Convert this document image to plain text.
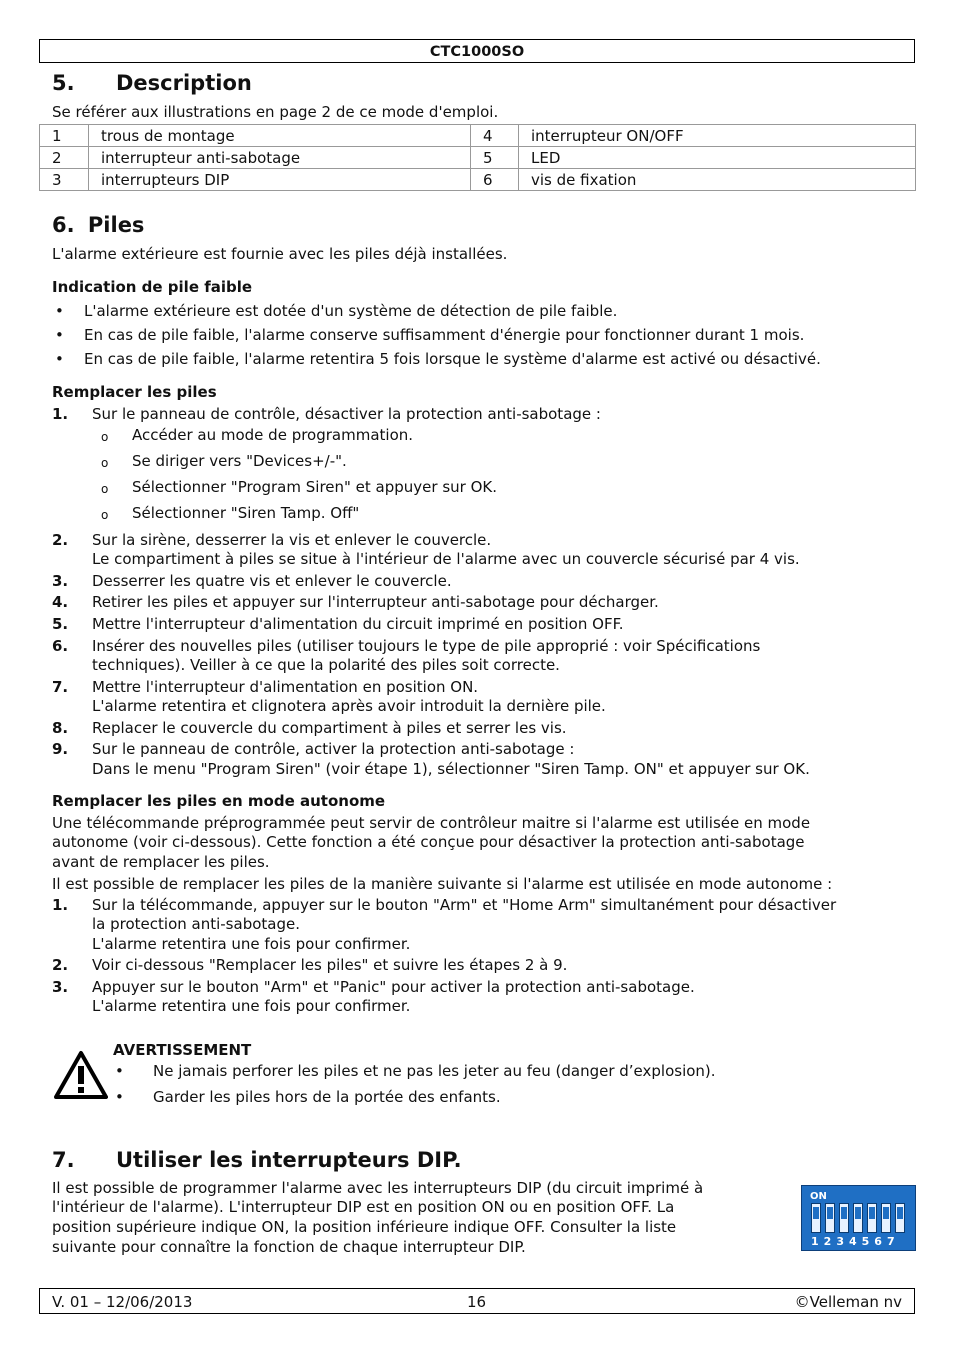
CTC1000SO
5. Description
Se référer aux illustrations en page 2 de ce mode d'emploi.
1	trous de montage	4	interrupteur ON/OFF
2	interrupteur anti-sabotage	5	LED
3	interrupteurs DIP	6	vis de fixation
6. Piles
L'alarme extérieure est fournie avec les piles déjà installées.
Indication de pile faible
• L'alarme extérieure est dotée d'un système de détection de pile faible.
• En cas de pile faible, l'alarme conserve suffisamment d'énergie pour fonctionner durant 1 mois.
• En cas de pile faible, l'alarme retentira 5 fois lorsque le système d'alarme est activé ou désactivé.
Remplacer les piles
1. Sur le panneau de contrôle, désactiver la protection anti-sabotage :
o Accéder au mode de programmation.
o Se diriger vers "Devices+/-".
o Sélectionner "Program Siren" et appuyer sur OK.
o Sélectionner "Siren Tamp. Off"
2. Sur la sirène, desserrer la vis et enlever le couvercle.
Le compartiment à piles se situe à l'intérieur de l'alarme avec un couvercle sécurisé par 4 vis.
3. Desserrer les quatre vis et enlever le couvercle.
4. Retirer les piles et appuyer sur l'interrupteur anti-sabotage pour décharger.
5. Mettre l'interrupteur d'alimentation du circuit imprimé en position OFF.
6. Insérer des nouvelles piles (utiliser toujours le type de pile approprié : voir Spécifications
techniques). Veiller à ce que la polarité des piles soit correcte.
7. Mettre l'interrupteur d'alimentation en position ON.
L'alarme retentira et clignotera après avoir introduit la dernière pile.
8. Replacer le couvercle du compartiment à piles et serrer les vis.
9. Sur le panneau de contrôle, activer la protection anti-sabotage :
Dans le menu "Program Siren" (voir étape 1), sélectionner "Siren Tamp. ON" et appuyer sur OK.
Remplacer les piles en mode autonome
Une télécommande préprogrammée peut servir de contrôleur maitre si l'alarme est utilisée en mode
autonome (voir ci-dessous). Cette fonction a été conçue pour désactiver la protection anti-sabotage
avant de remplacer les piles.
Il est possible de remplacer les piles de la manière suivante si l'alarme est utilisée en mode autonome :
1. Sur la télécommande, appuyer sur le bouton "Arm" et "Home Arm" simultanément pour désactiver
la protection anti-sabotage.
L'alarme retentira une fois pour confirmer.
2. Voir ci-dessous "Remplacer les piles" et suivre les étapes 2 à 9.
3. Appuyer sur le bouton "Arm" et "Panic" pour activer la protection anti-sabotage.
L'alarme retentira une fois pour confirmer.
AVERTISSEMENT
• Ne jamais perforer les piles et ne pas les jeter au feu (danger d’explosion).
• Garder les piles hors de la portée des enfants.
7. Utiliser les interrupteurs DIP.
Il est possible de programmer l'alarme avec les interrupteurs DIP (du circuit imprimé à
l'intérieur de l'alarme). L'interrupteur DIP est en position ON ou en position OFF. La
position supérieure indique ON, la position inférieure indique OFF. Consulter la liste
suivante pour connaître la fonction de chaque interrupteur DIP.
ON
1234567
V. 01 – 12/06/2013	16	©Velleman nv
